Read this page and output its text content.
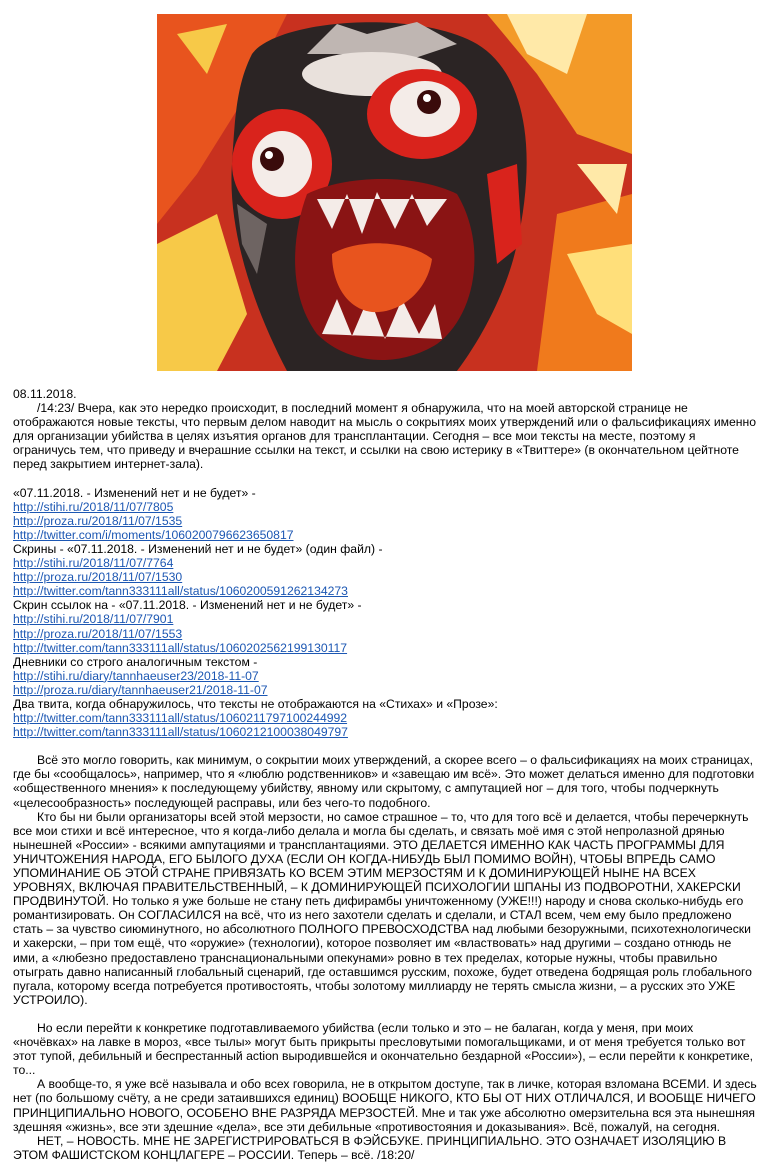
08.11.2018.

/14:23/ Вчера, как это нередко происходит, в последний момент я обнаружила, что на моей авторской странице не отображаются новые тексты, что первым делом наводит на мысль о сокрытиях моих утверждений или о фальсификациях именно для организации убийства в целях изъятия органов для трансплантации. Сегодня – все мои тексты на месте, поэтому я ограничусь тем, что приведу и вчерашние ссылки на текст, и ссылки на свою истерику в «Твиттере» (в окончательном цейтноте перед закрытием интернет-зала).

«07.11.2018. - Изменений нет и не будет» -

http://stihi.ru/2018/11/07/7805
http://proza.ru/2018/11/07/1535
http://twitter.com/i/moments/1060200796623650817

Скрины - «07.11.2018. - Изменений нет и не будет» (один файл) -

http://stihi.ru/2018/11/07/7764
http://proza.ru/2018/11/07/1530
http://twitter.com/tann333111all/status/1060200591262134273

Скрин ссылок на - «07.11.2018. - Изменений нет и не будет» -

http://stihi.ru/2018/11/07/7901
http://proza.ru/2018/11/07/1553
http://twitter.com/tann333111all/status/1060202562199130117

Дневники со строго аналогичным текстом -

http://stihi.ru/diary/tannhaeuser23/2018-11-07
http://proza.ru/diary/tannhaeuser21/2018-11-07

Два твита, когда обнаружилось, что тексты не отображаются на «Стихах» и «Прозе»:

http://twitter.com/tann333111all/status/1060211797100244992
http://twitter.com/tann333111all/status/1060212100038049797

Всё это могло говорить, как минимум, о сокрытии моих утверждений, а скорее всего – о фальсификациях на моих страницах, где бы «сообщалось», например, что я «люблю родственников» и «завещаю им всё». Это может делаться именно для подготовки «общественного мнения» к последующему убийству, явному или скрытому, с ампутацией ног – для того, чтобы подчеркнуть «целесообразность» последующей расправы, или без чего-то подобного.

Кто бы ни были организаторы всей этой мерзости, но самое страшное – то, что для того всё и делается, чтобы перечеркнуть все мои стихи и всё интересное, что я когда-либо делала и могла бы сделать, и связать моё имя с этой непролазной дрянью нынешней «России» - всякими ампутациями и трансплантациями. ЭТО ДЕЛАЕТСЯ ИМЕННО КАК ЧАСТЬ ПРОГРАММЫ ДЛЯ УНИЧТОЖЕНИЯ НАРОДА, ЕГО БЫЛОГО ДУХА (ЕСЛИ ОН КОГДА-НИБУДЬ БЫЛ ПОМИМО ВОЙН), ЧТОБЫ ВПРЕДЬ САМО УПОМИНАНИЕ ОБ ЭТОЙ СТРАНЕ ПРИВЯЗАТЬ КО ВСЕМ ЭТИМ МЕРЗОСТЯМ И К ДОМИНИРУЮЩЕЙ НЫНЕ НА ВСЕХ УРОВНЯХ, ВКЛЮЧАЯ ПРАВИТЕЛЬСТВЕННЫЙ, – К ДОМИНИРУЮЩЕЙ ПСИХОЛОГИИ ШПАНЫ ИЗ ПОДВОРОТНИ, ХАКЕРСКИ ПРОДВИНУТОЙ. Но только я уже больше не стану петь дифирамбы уничтоженному (УЖЕ!!!) народу и снова сколько-нибудь его романтизировать. Он СОГЛАСИЛСЯ на всё, что из него захотели сделать и сделали, и СТАЛ всем, чем ему было предложено стать – за чувство сиюминутного, но абсолютного ПОЛНОГО ПРЕВОСХОДСТВА над любыми безоружными, психотехнологически и хакерски, – при том ещё, что «оружие» (технологии), которое позволяет им «властвовать» над другими – создано отнюдь не ими, а «любезно предоставлено транснациональными опекунами» ровно в тех пределах, которые нужны, чтобы правильно отыграть давно написанный глобальный сценарий, где оставшимся русским, похоже, будет отведена бодрящая роль глобального пугала, которому всегда потребуется противостоять, чтобы золотому миллиарду не терять смысла жизни, – а русских это УЖЕ УСТРОИЛО).

Но если перейти к конкретике подготавливаемого убийства (если только и это – не балаган, когда у меня, при моих «ночёвках» на лавке в мороз, «все тылы» могут быть прикрыты пресловутыми помогальщиками, и от меня требуется только вот этот тупой, дебильный и беспрестанный action выродившейся и окончательно бездарной «России»), – если перейти к конкретике, то...

А вообще-то, я уже всё называла и обо всех говорила, не в открытом доступе, так в личке, которая взломана ВСЕМИ. И здесь нет (по большому счёту, а не среди затаившихся единиц) ВООБЩЕ НИКОГО, КТО БЫ ОТ НИХ ОТЛИЧАЛСЯ, И ВООБЩЕ НИЧЕГО ПРИНЦИПИАЛЬНО НОВОГО, ОСОБЕНО ВНЕ РАЗРЯДА МЕРЗОСТЕЙ. Мне и так уже абсолютно омерзительна вся эта нынешняя здешняя «жизнь», все эти здешние «дела», все эти дебильные «противостояния и доказывания». Всё, пожалуй, на сегодня.

НЕТ, – НОВОСТЬ. МНЕ НЕ ЗАРЕГИСТРИРОВАТЬСЯ В ФЭЙСБУКЕ. ПРИНЦИПИАЛЬНО. ЭТО ОЗНАЧАЕТ ИЗОЛЯЦИЮ В ЭТОМ ФАШИСТСКОМ КОНЦЛАГЕРЕ – РОССИИ. Теперь – всё. /18:20/
